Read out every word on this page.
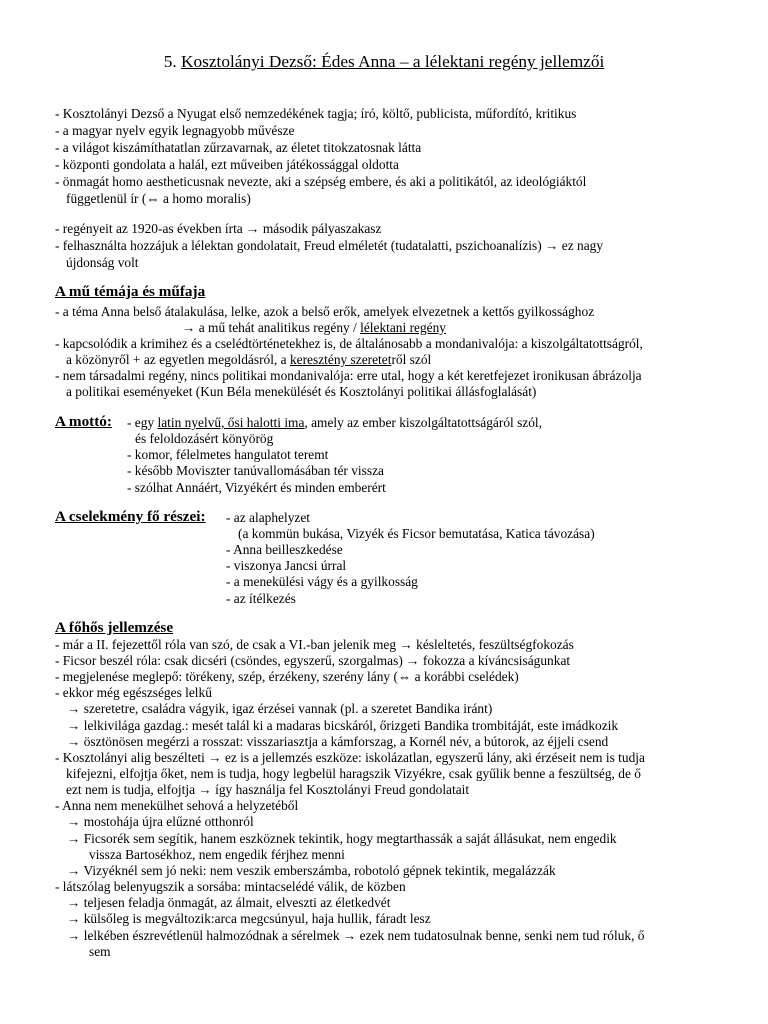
5. Kosztolányi Dezső: Édes Anna – a lélektani regény jellemzői
- Kosztolányi Dezső a Nyugat első nemzedékének tagja; író, költő, publicista, műfordító, kritikus
- a magyar nyelv egyik legnagyobb művésze
- a világot kiszámíthatatlan zűrzavarnak, az életet titokzatosnak látta
- központi gondolata a halál, ezt műveiben játékossággal oldotta
- önmagát homo aestheticusnak nevezte, aki a szépség embere, és aki a politikától, az ideológiáktól
függetlenül ír (⇔ a homo moralis)
- regényeit az 1920-as években írta → második pályaszakasz
- felhasználta hozzájuk a lélektan gondolatait, Freud elméletét (tudatalatti, pszichoanalízis) → ez nagy
újdonság volt
A mű témája és műfaja
- a téma Anna belső átalakulása, lelke, azok a belső erők, amelyek elvezetnek a kettős gyilkossághoz
→ a mű tehát analitikus regény / lélektani regény
- kapcsolódik a krimihez és a cselédtörténetekhez is, de általánosabb a mondanivalója: a kiszolgáltatottságról,
a közönyről + az egyetlen megoldásról, a keresztény szeretetről szól
- nem társadalmi regény, nincs politikai mondanivalója: erre utal, hogy a két keretfejezet ironikusan ábrázolja
a politikai eseményeket (Kun Béla menekülését és Kosztolányi politikai állásfoglalását)
A mottó: - egy latin nyelvű, ősi halotti ima, amely az ember kiszolgáltatottságáról szól,
és feloldozásért könyörög
- komor, félelmetes hangulatot teremt
- később Moviszter tanúvallomásában tér vissza
- szólhat Annáért, Vizyékért és minden emberért
A cselekmény fő részei: - az alaphelyzet
(a kommün bukása, Vizyék és Ficsor bemutatása, Katica távozása)
- Anna beilleszkedése
- viszonya Jancsi úrral
- a menekülési vágy és a gyilkosság
- az ítélkezés
A főhős jellemzése
- már a II. fejezettől róla van szó, de csak a VI.-ban jelenik meg → késleltetés, feszültségfokozás
- Ficsor beszél róla: csak dicséri (csöndes, egyszerű, szorgalmas) → fokozza a kíváncsiságunkat
- megjelenése meglepő: törékeny, szép, érzékeny, szerény lány (⇔ a korábbi cselédek)
- ekkor még egészséges lelkű
→ szeretetre, családra vágyik, igaz érzései vannak (pl. a szeretet Bandika iránt)
→ lelkivilága gazdag.: mesét talál ki a madaras bicskáról, őrizgeti Bandika trombitáját, este imádkozik
→ ösztönösen megérzi a rosszat: visszariasztja a kámforszag, a Kornél név, a bútorok, az éjjeli csend
- Kosztolányi alig beszélteti → ez is a jellemzés eszköze: iskolázatlan, egyszerű lány, aki érzéseit nem is tudja
kifejezni, elfojtja őket, nem is tudja, hogy legbelül haragszik Vizyékre, csak gyűlik benne a feszültség, de ő
ezt nem is tudja, elfojtja → így használja fel Kosztolányi Freud gondolatait
- Anna nem menekülhet sehová a helyzetéből
→ mostohája újra elűzné otthonról
→ Ficsorék sem segítik, hanem eszköznek tekintik, hogy megtarthassák a saját állásukat, nem engedik
vissza Bartosékhoz, nem engedik férjhez menni
→ Vizyéknél sem jó neki: nem veszik emberszámba, robotoló gépnek tekintik, megalázzák
- látszólag belenyugszik a sorsába: mintacselédé válik, de közben
→ teljesen feladja önmagát, az álmait, elveszti az életkedvét
→ külsőleg is megváltozik:arca megcsúnyul, haja hullik, fáradt lesz
→ lelkében észrevétlenül halmozódnak a sérelmek → ezek nem tudatosulnak benne, senki nem tud róluk, ő
sem
